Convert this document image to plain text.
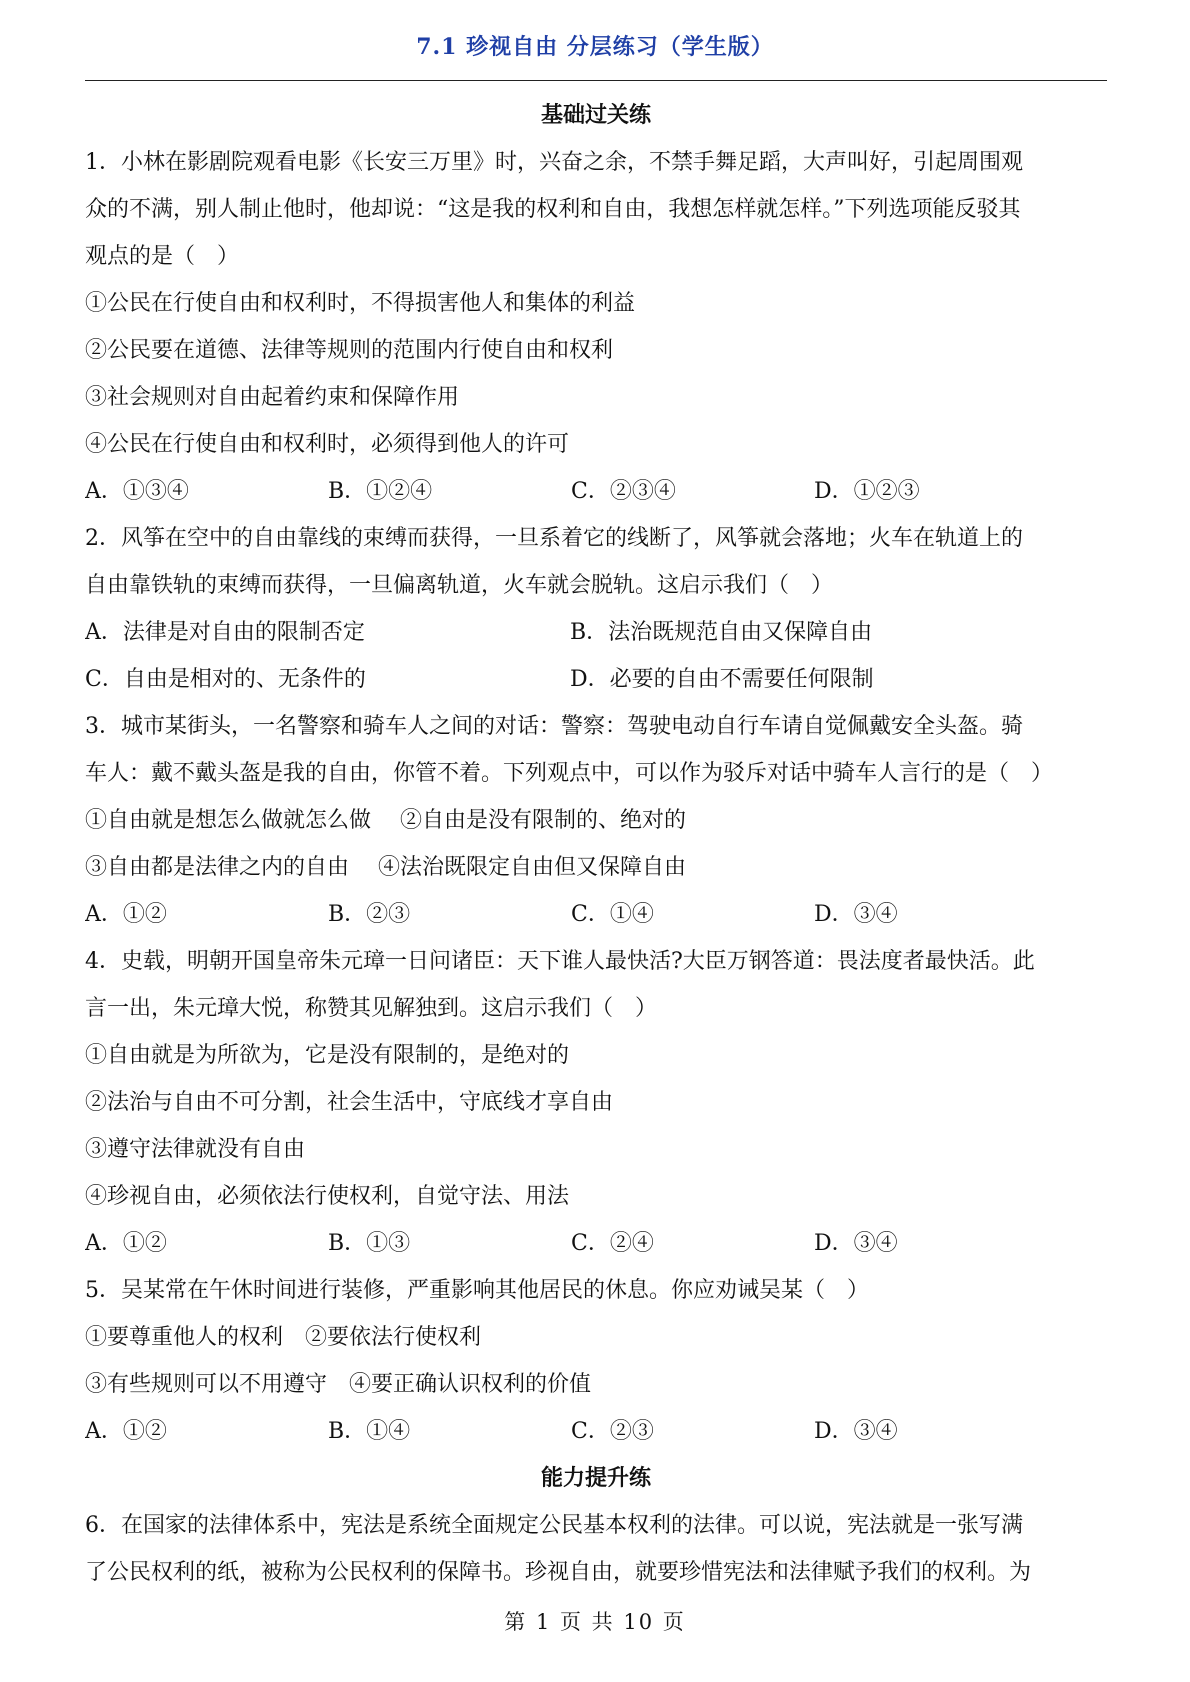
7.1 珍视自由 分层练习（学生版）
基础过关练
1．小林在影剧院观看电影《长安三万里》时，兴奋之余，不禁手舞足蹈，大声叫好，引起周围观
众的不满，别人制止他时，他却说：“这是我的权利和自由，我想怎样就怎样。”下列选项能反驳其
观点的是（　）
①公民在行使自由和权利时，不得损害他人和集体的利益
②公民要在道德、法律等规则的范围内行使自由和权利
③社会规则对自由起着约束和保障作用
④公民在行使自由和权利时，必须得到他人的许可
A．①③④	B．①②④	C．②③④	D．①②③
2．风筝在空中的自由靠线的束缚而获得，一旦系着它的线断了，风筝就会落地；火车在轨道上的
自由靠铁轨的束缚而获得，一旦偏离轨道，火车就会脱轨。这启示我们（　）
A．法律是对自由的限制否定	B．法治既规范自由又保障自由
C．自由是相对的、无条件的	D．必要的自由不需要任何限制
3．城市某街头，一名警察和骑车人之间的对话：警察：驾驶电动自行车请自觉佩戴安全头盔。骑
车人：戴不戴头盔是我的自由，你管不着。下列观点中，可以作为驳斥对话中骑车人言行的是（　）
①自由就是想怎么做就怎么做　 ②自由是没有限制的、绝对的
③自由都是法律之内的自由　 ④法治既限定自由但又保障自由
A．①②	B．②③	C．①④	D．③④
4．史载，明朝开国皇帝朱元璋一日问诸臣：天下谁人最快活?大臣万钢答道：畏法度者最快活。此
言一出，朱元璋大悦，称赞其见解独到。这启示我们（　）
①自由就是为所欲为，它是没有限制的，是绝对的
②法治与自由不可分割，社会生活中，守底线才享自由
③遵守法律就没有自由
④珍视自由，必须依法行使权利，自觉守法、用法
A．①②	B．①③	C．②④	D．③④
5．吴某常在午休时间进行装修，严重影响其他居民的休息。你应劝诫吴某（　）
①要尊重他人的权利　②要依法行使权利
③有些规则可以不用遵守　④要正确认识权利的价值
A．①②	B．①④	C．②③	D．③④
能力提升练
6．在国家的法律体系中，宪法是系统全面规定公民基本权利的法律。可以说，宪法就是一张写满
了公民权利的纸，被称为公民权利的保障书。珍视自由，就要珍惜宪法和法律赋予我们的权利。为
第 1 页 共 10 页
